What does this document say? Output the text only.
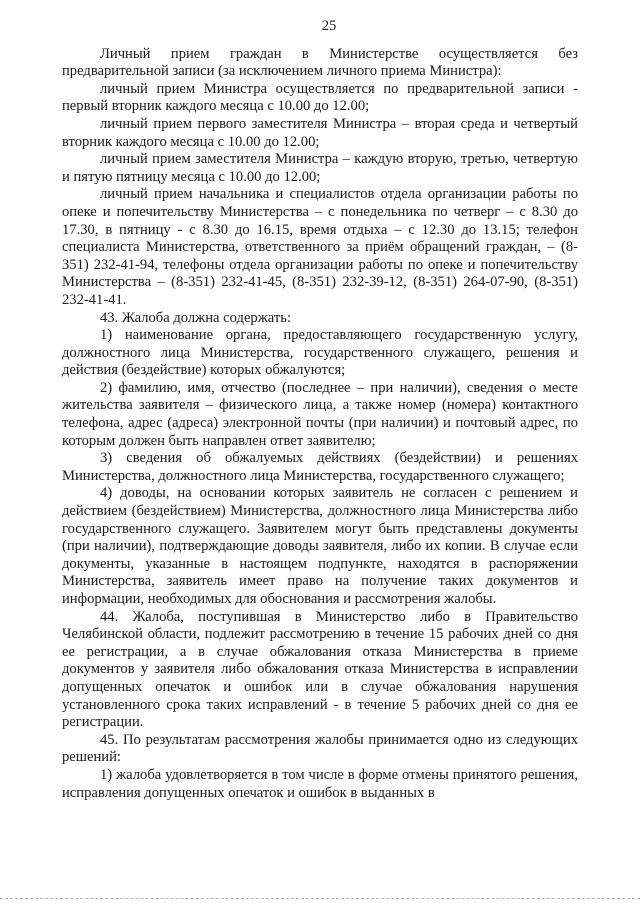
25

Личный прием граждан в Министерстве осуществляется без предварительной записи (за исключением личного приема Министра):

личный прием Министра осуществляется по предварительной записи - первый вторник каждого месяца с 10.00 до 12.00;

личный прием первого заместителя Министра – вторая среда и четвертый вторник каждого месяца с 10.00 до 12.00;

личный прием заместителя Министра – каждую вторую, третью, четвертую и пятую пятницу месяца с 10.00 до 12.00;

личный прием начальника и специалистов отдела организации работы по опеке и попечительству Министерства – с понедельника по четверг – с 8.30 до 17.30, в пятницу - с 8.30 до 16.15, время отдыха – с 12.30 до 13.15; телефон специалиста Министерства, ответственного за приём обращений граждан, – (8-351) 232-41-94, телефоны отдела организации работы по опеке и попечительству Министерства – (8-351) 232-41-45, (8-351) 232-39-12, (8-351) 264-07-90, (8-351) 232-41-41.

43. Жалоба должна содержать:

1) наименование органа, предоставляющего государственную услугу, должностного лица Министерства, государственного служащего, решения и действия (бездействие) которых обжалуются;

2) фамилию, имя, отчество (последнее – при наличии), сведения о месте жительства заявителя – физического лица, а также номер (номера) контактного телефона, адрес (адреса) электронной почты (при наличии) и почтовый адрес, по которым должен быть направлен ответ заявителю;

3) сведения об обжалуемых действиях (бездействии) и решениях Министерства, должностного лица Министерства, государственного служащего;

4) доводы, на основании которых заявитель не согласен с решением и действием (бездействием) Министерства, должностного лица Министерства либо государственного служащего. Заявителем могут быть представлены документы (при наличии), подтверждающие доводы заявителя, либо их копии. В случае если документы, указанные в настоящем подпункте, находятся в распоряжении Министерства, заявитель имеет право на получение таких документов и информации, необходимых для обоснования и рассмотрения жалобы.

44. Жалоба, поступившая в Министерство либо в Правительство Челябинской области, подлежит рассмотрению в течение 15 рабочих дней со дня ее регистрации, а в случае обжалования отказа Министерства в приеме документов у заявителя либо обжалования отказа Министерства в исправлении допущенных опечаток и ошибок или в случае обжалования нарушения установленного срока таких исправлений - в течение 5 рабочих дней со дня ее регистрации.

45. По результатам рассмотрения жалобы принимается одно из следующих решений:

1) жалоба удовлетворяется в том числе в форме отмены принятого решения, исправления допущенных опечаток и ошибок в выданных в
